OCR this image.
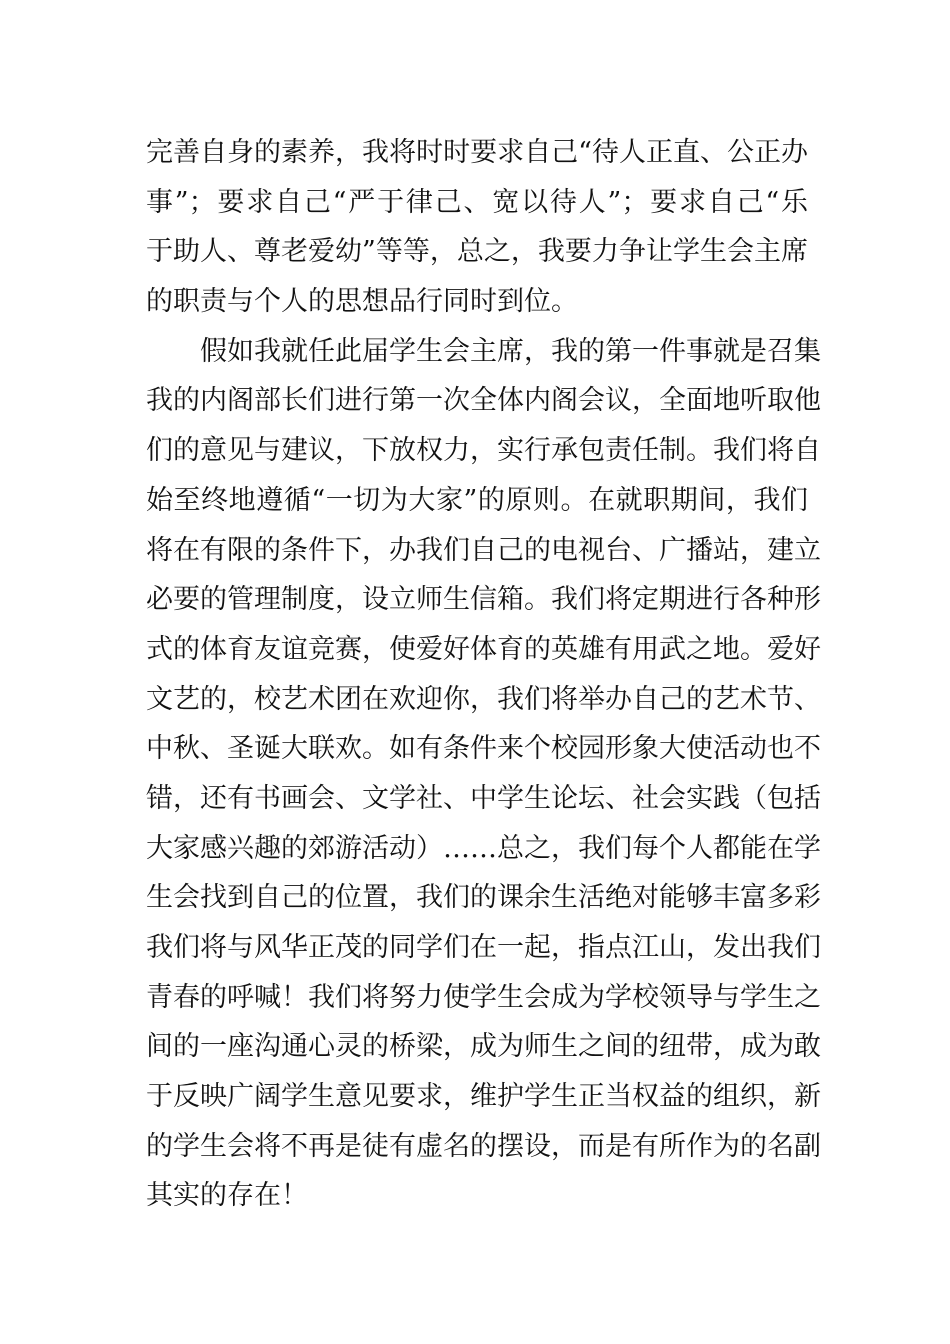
完善自身的素养，我将时时要求自己“待人正直、公正办
事”；要求自己“严于律己、宽以待人”；要求自己“乐
于助人、尊老爱幼”等等，总之，我要力争让学生会主席
的职责与个人的思想品行同时到位。
假如我就任此届学生会主席，我的第一件事就是召集
我的内阁部长们进行第一次全体内阁会议，全面地听取他
们的意见与建议，下放权力，实行承包责任制。我们将自
始至终地遵循“一切为大家”的原则。在就职期间，我们
将在有限的条件下，办我们自己的电视台、广播站，建立
必要的管理制度，设立师生信箱。我们将定期进行各种形
式的体育友谊竞赛，使爱好体育的英雄有用武之地。爱好
文艺的，校艺术团在欢迎你，我们将举办自己的艺术节、
中秋、圣诞大联欢。如有条件来个校园形象大使活动也不
错，还有书画会、文学社、中学生论坛、社会实践（包括
大家感兴趣的郊游活动）……总之，我们每个人都能在学
生会找到自己的位置，我们的课余生活绝对能够丰富多彩
我们将与风华正茂的同学们在一起，指点江山，发出我们
青春的呼喊！我们将努力使学生会成为学校领导与学生之
间的一座沟通心灵的桥梁，成为师生之间的纽带，成为敢
于反映广阔学生意见要求，维护学生正当权益的组织，新
的学生会将不再是徒有虚名的摆设，而是有所作为的名副
其实的存在！
